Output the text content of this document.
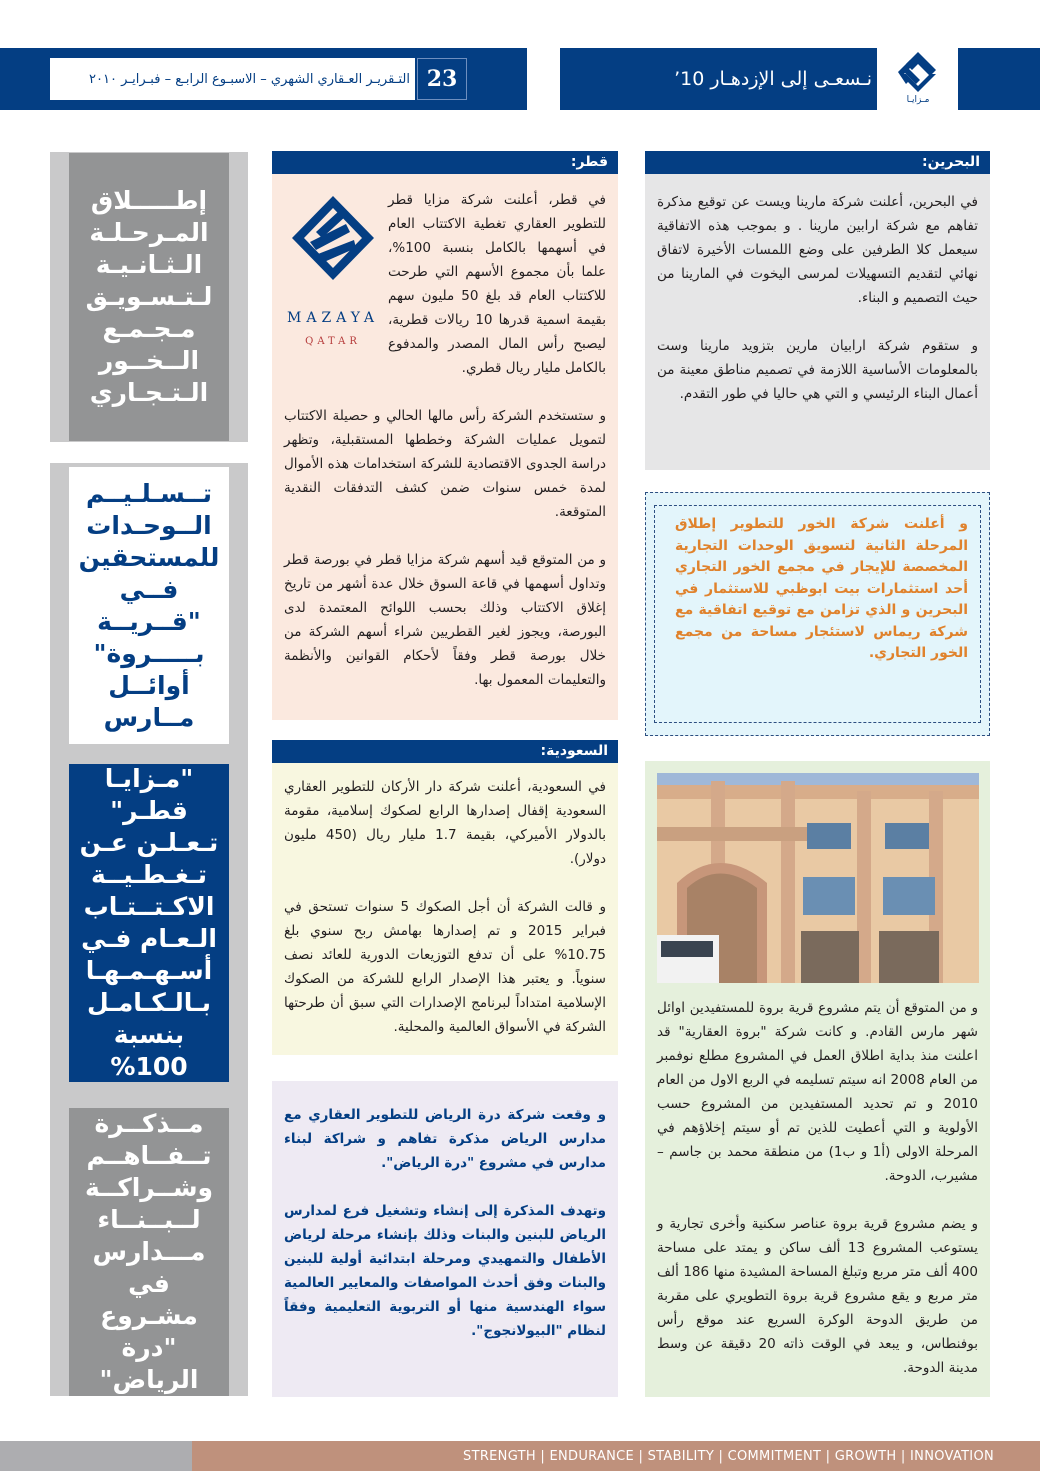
التـقريـر العـقاري الشهري – الاسبـوع الرابـع – فبـرايـر ٢٠١٠ 23	نـسعـى إلى الإزدهـار 10’
مـزايـا
إطـــــلاق المـرحـلـة الـثـانـيـة لـتـسـويـق مـجـمـع الــخــور الـتـجـاري
تــسـلـيــم الــوحـدات للمستحقين فــي "قــريــة بـــــروة" أوائــل مــارس
"مـزايـا قطـر" تـعـلـن عـن تـغـطـيــة الاكـتــتـاب الـعـام فـي أسـهـمـهـا بـالـكـامـل بنسبة 100%
مــذكــرة تــفــاهــم وشــراكــة لــبــنــاء مـــدارس في مشـروع "درة الرياض"
البحرين:

في البحرين، أعلنت شركة مارينا ويست عن توقيع مذكرة تفاهم مع شركة ارابين مارينا . و بموجب هذه الاتفاقية سيعمل كلا الطرفين على وضع اللمسات الأخيرة لاتفاق نهائي لتقديم التسهيلات لمرسى اليخوت في المارينا من حيث التصميم و البناء.

و ستقوم شركة ارابيان مارين بتزويد مارينا وست بالمعلومات الأساسية اللازمة في تصميم مناطق معينة من أعمال البناء الرئيسي و التي هي حاليا في طور التقدم.

قطر:
MAZAYA
QATAR

في قطر، أعلنت شركة مزايا قطر للتطوير العقاري تغطية الاكتتاب العام في أسهمها بالكامل بنسبة 100%، علما بأن مجموع الأسهم التي طرحت للاكتتاب العام قد بلغ 50 مليون سهم بقيمة اسمية قدرها 10 ريالات قطرية، ليصبح رأس المال المصدر والمدفوع بالكامل مليار ريال قطري.

و ستستخدم الشركة رأس مالها الحالي و حصيلة الاكتتاب لتمويل عمليات الشركة وخططها المستقبلية، وتظهر دراسة الجدوى الاقتصادية للشركة استخدامات هذه الأموال لمدة خمس سنوات ضمن كشف التدفقات النقدية المتوقعة.

و من المتوقع قيد أسهم شركة مزايا قطر في بورصة قطر وتداول أسهمها في قاعة السوق خلال عدة أشهر من تاريخ إغلاق الاكتتاب وذلك بحسب اللوائح المعتمدة لدى البورصة، ويجوز لغير القطريين شراء أسهم الشركة من خلال بورصة قطر وفقاً لأحكام القوانين والأنظمة والتعليمات المعمول بها.

و أعلنت شركة الخور للتطوير إطلاق المرحلة الثانية لتسويق الوحدات التجارية المخصصة للإيجار في مجمع الخور التجاري أحد استثمارات بيت ابوظبي للاستثمار في البحرين و الذي تزامن مع توقيع اتفاقية مع شركة ريماس لاستئجار مساحة من مجمع الخور التجاري.
السعودية:

في السعودية، أعلنت شركة دار الأركان للتطوير العقاري السعودية إقفال إصدارها الرابع لصكوك إسلامية، مقومة بالدولار الأميركي، بقيمة 1.7 مليار ريال (450 مليون دولار).

و قالت الشركة أن أجل الصكوك 5 سنوات تستحق في فبراير 2015 و تم إصدارها بهامش ربح سنوي بلغ 10.75% على أن تدفع التوزيعات الدورية للعائد نصف سنوياً. و يعتبر هذا الإصدار الرابع للشركة من الصكوك الإسلامية امتداداً لبرنامج الإصدارات التي سبق أن طرحتها الشركة في الأسواق العالمية والمحلية.

و وقعت شركة درة الرياض للتطوير العقاري مع مدارس الرياض مذكرة تفاهم و شراكة لبناء مدارس في مشروع "درة الرياض".

وتهدف المذكرة إلى إنشاء وتشغيل فرع لمدارس الرياض للبنين والبنات وذلك بإنشاء مرحلة لرياض الأطفال والتمهيدي ومرحلة ابتدائية أولية للبنين والبنات وفق أحدث المواصفات والمعايير العالمية سواء الهندسية منها أو التربوية التعليمية وفقاً لنظام "البيولانجوج".

و من المتوقع أن يتم مشروع قرية بروة للمستفيدين اوائل شهر مارس القادم. و كانت شركة "بروة العقارية" قد اعلنت منذ بداية اطلاق العمل في المشروع مطلع نوفمبر من العام 2008 انه سيتم تسليمه في الربع الاول من العام 2010 و تم تحديد المستفيدين من المشروع حسب الأولوية و التي أعطيت للذين تم أو سيتم إخلاؤهم في المرحلة الاولى (أ1 و ب1) من منطقة محمد بن جاسم – مشيرب، الدوحة.

و يضم مشروع قرية بروة عناصر سكنية وأخرى تجارية و يستوعب المشروع 13 ألف ساكن و يمتد على مساحة 400 ألف متر مربع وتبلغ المساحة المشيدة منها 186 ألف متر مربع و يقع مشروع قرية بروة التطويري على مقربة من طريق الدوحة الوكرة السريع عند موقع رأس بوفنطاس، و يبعد في الوقت ذاته 20 دقيقة عن وسط مدينة الدوحة.

STRENGTH | ENDURANCE | STABILITY | COMMITMENT | GROWTH | INNOVATION
